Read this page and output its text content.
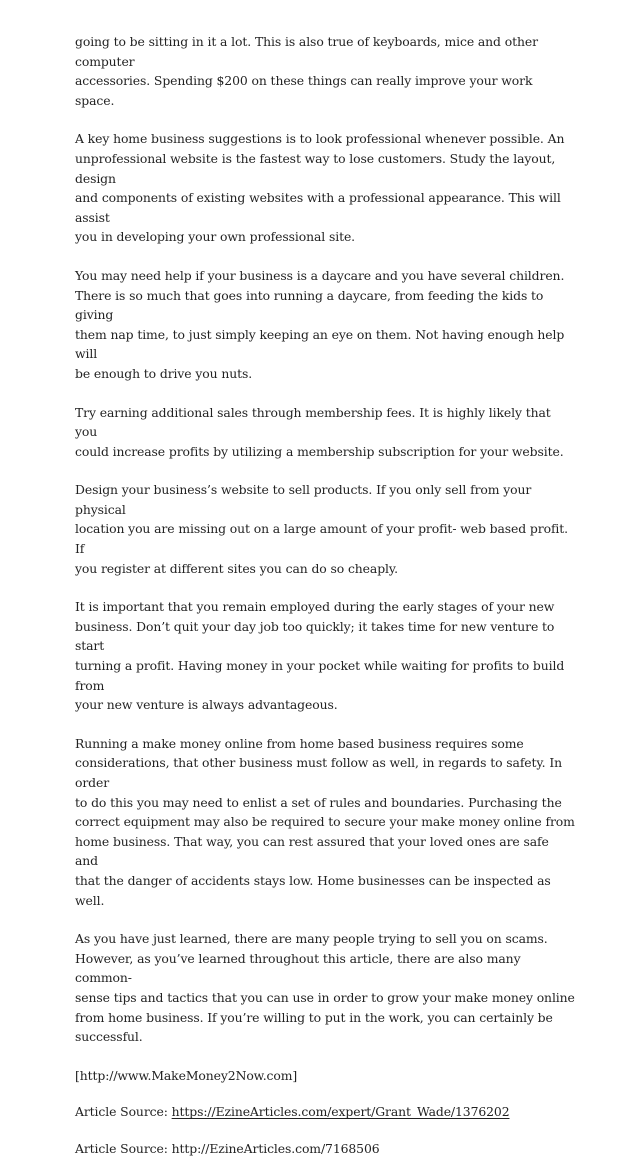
going to be sitting in it a lot. This is also true of keyboards, mice and other computer
accessories. Spending $200 on these things can really improve your work space.

A key home business suggestions is to look professional whenever possible. An
unprofessional website is the fastest way to lose customers. Study the layout, design
and components of existing websites with a professional appearance. This will assist
you in developing your own professional site.

You may need help if your business is a daycare and you have several children.
There is so much that goes into running a daycare, from feeding the kids to giving
them nap time, to just simply keeping an eye on them. Not having enough help will
be enough to drive you nuts.

Try earning additional sales through membership fees. It is highly likely that you
could increase profits by utilizing a membership subscription for your website.

Design your business’s website to sell products. If you only sell from your physical
location you are missing out on a large amount of your profit- web based profit. If
you register at different sites you can do so cheaply.

It is important that you remain employed during the early stages of your new
business. Don’t quit your day job too quickly; it takes time for new venture to start
turning a profit. Having money in your pocket while waiting for profits to build from
your new venture is always advantageous.

Running a make money online from home based business requires some
considerations, that other business must follow as well, in regards to safety. In order
to do this you may need to enlist a set of rules and boundaries. Purchasing the
correct equipment may also be required to secure your make money online from
home business. That way, you can rest assured that your loved ones are safe and
that the danger of accidents stays low. Home businesses can be inspected as well.

As you have just learned, there are many people trying to sell you on scams.
However, as you’ve learned throughout this article, there are also many common-
sense tips and tactics that you can use in order to grow your make money online
from home business. If you’re willing to put in the work, you can certainly be
successful.

[http://www.MakeMoney2Now.com]

Article Source: https://EzineArticles.com/expert/Grant_Wade/1376202

Article Source: http://EzineArticles.com/7168506
